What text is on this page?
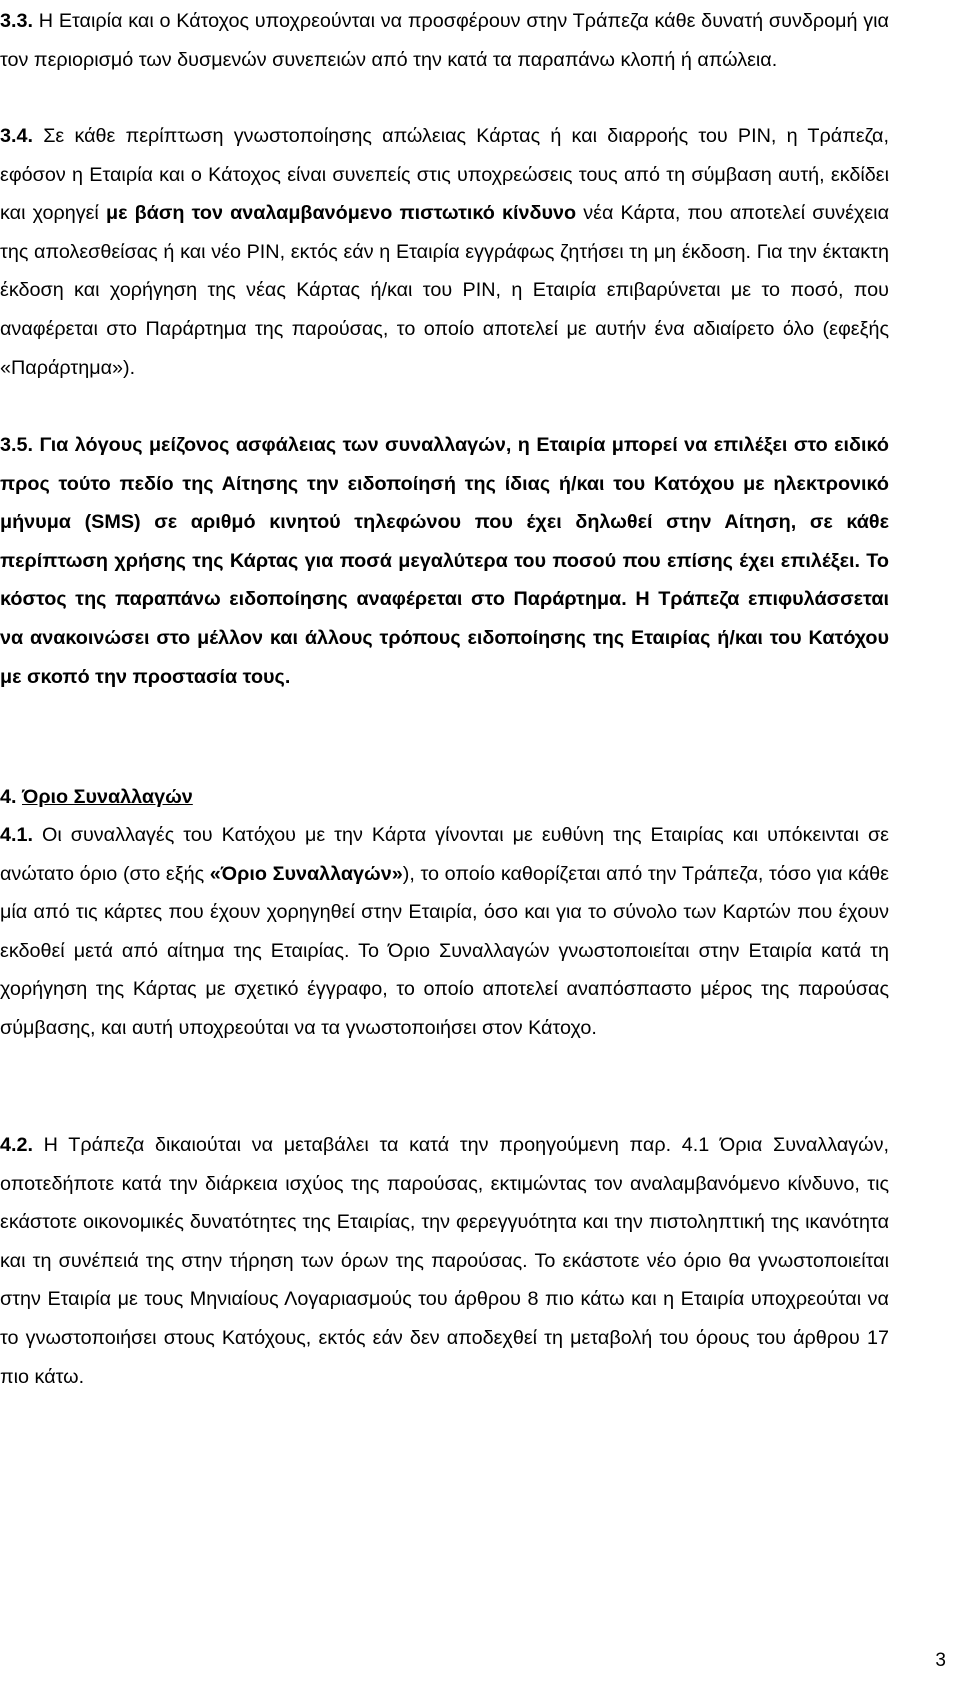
3.3. Η Εταιρία και ο Κάτοχος υποχρεούνται να προσφέρουν στην Τράπεζα κάθε δυνατή συνδρομή για τον περιορισμό των δυσμενών συνεπειών από την κατά τα παραπάνω κλοπή ή απώλεια.
3.4. Σε κάθε περίπτωση γνωστοποίησης απώλειας Κάρτας ή και διαρροής του PIN, η Τράπεζα, εφόσον η Εταιρία και ο Κάτοχος είναι συνεπείς στις υποχρεώσεις τους από τη σύμβαση αυτή, εκδίδει και χορηγεί με βάση τον αναλαμβανόμενο πιστωτικό κίνδυνο νέα Κάρτα, που αποτελεί συνέχεια της απολεσθείσας ή και νέο PIN, εκτός εάν η Εταιρία εγγράφως ζητήσει τη μη έκδοση. Για την έκτακτη έκδοση και χορήγηση της νέας Κάρτας ή/και του PIN, η Εταιρία επιβαρύνεται με το ποσό, που αναφέρεται στο Παράρτημα της παρούσας, το οποίο αποτελεί με αυτήν ένα αδιαίρετο όλο (εφεξής «Παράρτημα»).
3.5. Για λόγους μείζονος ασφάλειας των συναλλαγών, η Εταιρία μπορεί να επιλέξει στο ειδικό προς τούτο πεδίο της Αίτησης την ειδοποίησή της ίδιας ή/και του Κατόχου με ηλεκτρονικό μήνυμα (SMS) σε αριθμό κινητού τηλεφώνου που έχει δηλωθεί στην Αίτηση, σε κάθε περίπτωση χρήσης της Κάρτας για ποσά μεγαλύτερα του ποσού που επίσης έχει επιλέξει. Το κόστος της παραπάνω ειδοποίησης αναφέρεται στο Παράρτημα. Η Τράπεζα επιφυλάσσεται να ανακοινώσει στο μέλλον και άλλους τρόπους ειδοποίησης της Εταιρίας ή/και του Κατόχου με σκοπό την προστασία τους.
4. Όριο Συναλλαγών
4.1. Οι συναλλαγές του Κατόχου με την Κάρτα γίνονται με ευθύνη της Εταιρίας και υπόκεινται σε ανώτατο όριο (στο εξής «Όριο Συναλλαγών»), το οποίο καθορίζεται από την Τράπεζα, τόσο για κάθε μία από τις κάρτες που έχουν χορηγηθεί στην Εταιρία, όσο και για το σύνολο των Καρτών που έχουν εκδοθεί μετά από αίτημα της Εταιρίας. Το Όριο Συναλλαγών γνωστοποιείται στην Εταιρία κατά τη χορήγηση της Κάρτας με σχετικό έγγραφο, το οποίο αποτελεί αναπόσπαστο μέρος της παρούσας σύμβασης, και αυτή υποχρεούται να τα γνωστοποιήσει στον Κάτοχο.
4.2. Η Τράπεζα δικαιούται να μεταβάλει τα κατά την προηγούμενη παρ. 4.1 Όρια Συναλλαγών, οποτεδήποτε κατά την διάρκεια ισχύος της παρούσας, εκτιμώντας τον αναλαμβανόμενο κίνδυνο, τις εκάστοτε οικονομικές δυνατότητες της Εταιρίας, την φερεγγυότητα και την πιστοληπτική της ικανότητα και τη συνέπειά της στην τήρηση των όρων της παρούσας. Το εκάστοτε νέο όριο θα γνωστοποιείται στην Εταιρία με τους Μηνιαίους Λογαριασμούς του άρθρου 8 πιο κάτω και η Εταιρία υποχρεούται να το γνωστοποιήσει στους Κατόχους, εκτός εάν δεν αποδεχθεί τη μεταβολή του όρους του άρθρου 17 πιο κάτω.
3
